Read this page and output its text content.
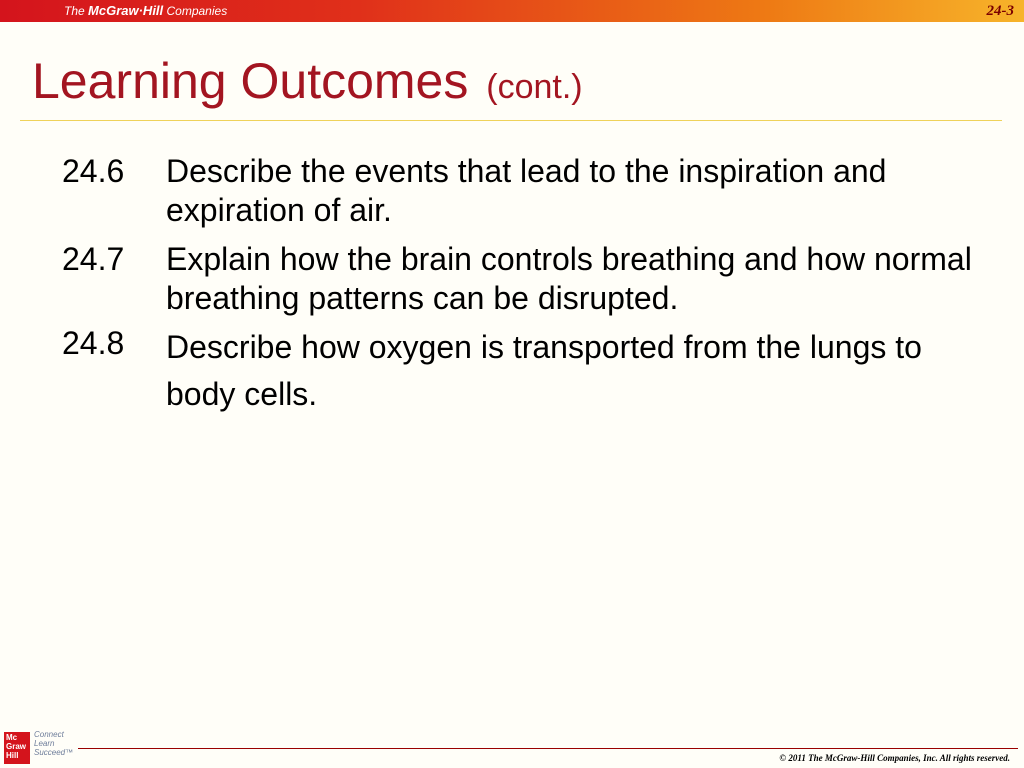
The McGraw·Hill Companies	24-3
Learning Outcomes (cont.)
24.6	Describe the events that lead to the inspiration and expiration of air.
24.7	Explain how the brain controls breathing and how normal breathing patterns can be disrupted.
24.8	Describe how oxygen is transported from the lungs to body cells.
Mc
Graw
Hill
Connect
Learn
Succeed™
© 2011 The McGraw-Hill Companies, Inc. All rights reserved.
